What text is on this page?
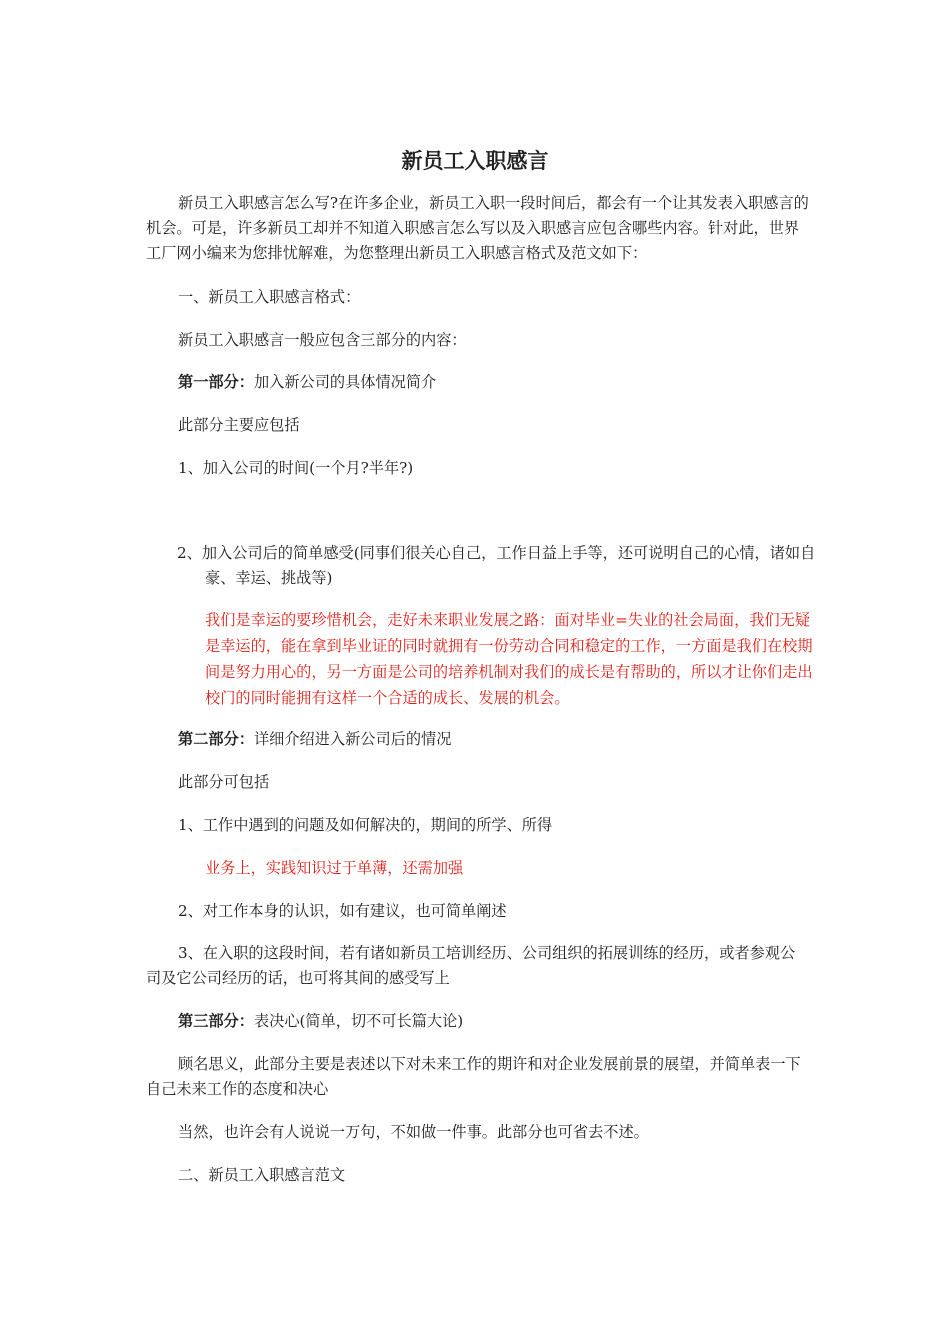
新员工入职感言

新员工入职感言怎么写?在许多企业，新员工入职一段时间后，都会有一个让其发表入职感言的机会。可是，许多新员工却并不知道入职感言怎么写以及入职感言应包含哪些内容。针对此，世界工厂网小编来为您排忧解难，为您整理出新员工入职感言格式及范文如下：

一、新员工入职感言格式：

新员工入职感言一般应包含三部分的内容：

第一部分：加入新公司的具体情况简介

此部分主要应包括

1、加入公司的时间(一个月?半年?)

2、加入公司后的简单感受(同事们很关心自己，工作日益上手等，还可说明自己的心情，诸如自豪、幸运、挑战等)

我们是幸运的要珍惜机会，走好未来职业发展之路：面对毕业=失业的社会局面，我们无疑是幸运的，能在拿到毕业证的同时就拥有一份劳动合同和稳定的工作，一方面是我们在校期间是努力用心的，另一方面是公司的培养机制对我们的成长是有帮助的，所以才让你们走出校门的同时能拥有这样一个合适的成长、发展的机会。

第二部分：详细介绍进入新公司后的情况

此部分可包括

1、工作中遇到的问题及如何解决的，期间的所学、所得

业务上，实践知识过于单薄，还需加强

2、对工作本身的认识，如有建议，也可简单阐述

3、在入职的这段时间，若有诸如新员工培训经历、公司组织的拓展训练的经历，或者参观公司及它公司经历的话，也可将其间的感受写上

第三部分：表决心(简单，切不可长篇大论)

顾名思义，此部分主要是表述以下对未来工作的期许和对企业发展前景的展望，并简单表一下自己未来工作的态度和决心

当然，也许会有人说说一万句，不如做一件事。此部分也可省去不述。

二、新员工入职感言范文
